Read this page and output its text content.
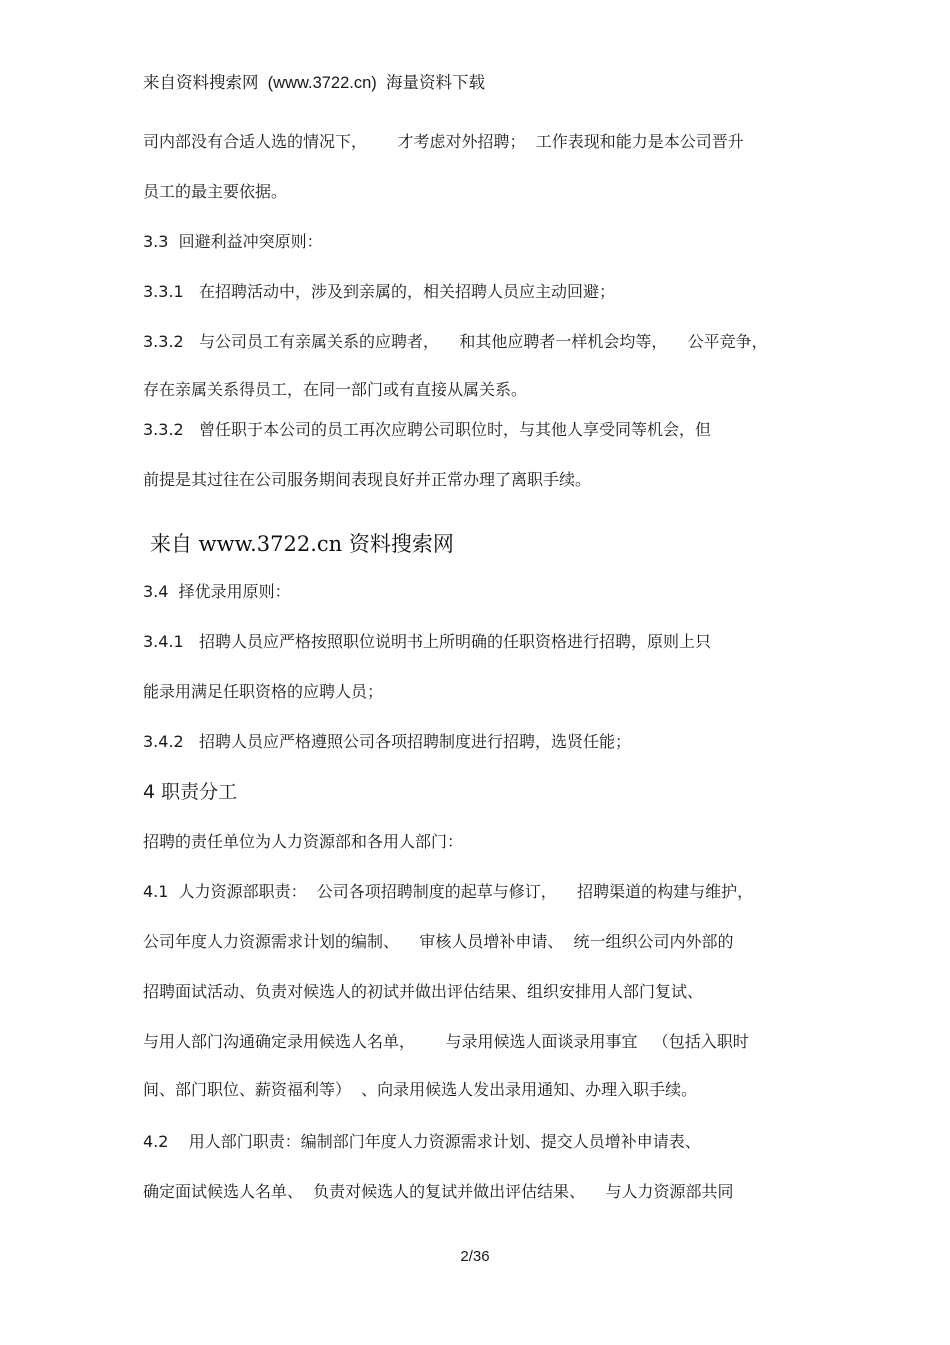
来自资料搜索网  (www.3722.cn)  海量资料下载
司内部没有合适人选的情况下，      才考虑对外招聘；  工作表现和能力是本公司晋升
员工的最主要依据。
3.3  回避利益冲突原则：
3.3.1   在招聘活动中，涉及到亲属的，相关招聘人员应主动回避；
3.3.2   与公司员工有亲属关系的应聘者，    和其他应聘者一样机会均等，    公平竞争，
存在亲属关系得员工，在同一部门或有直接从属关系。
3.3.2   曾任职于本公司的员工再次应聘公司职位时，与其他人享受同等机会，但
前提是其过往在公司服务期间表现良好并正常办理了离职手续。
来自 www.3722.cn 资料搜索网
3.4  择优录用原则：
3.4.1   招聘人员应严格按照职位说明书上所明确的任职资格进行招聘，原则上只
能录用满足任职资格的应聘人员；
3.4.2   招聘人员应严格遵照公司各项招聘制度进行招聘，选贤任能；
4 职责分工
招聘的责任单位为人力资源部和各用人部门：
4.1  人力资源部职责：  公司各项招聘制度的起草与修订，    招聘渠道的构建与维护，
公司年度人力资源需求计划的编制、    审核人员增补申请、  统一组织公司内外部的
招聘面试活动、负责对候选人的初试并做出评估结果、组织安排用人部门复试、
与用人部门沟通确定录用候选人名单，      与录用候选人面谈录用事宜   （包括入职时
间、部门职位、薪资福利等）  、向录用候选人发出录用通知、办理入职手续。
4.2    用人部门职责：编制部门年度人力资源需求计划、提交人员增补申请表、
确定面试候选人名单、  负责对候选人的复试并做出评估结果、    与人力资源部共同
2/36
